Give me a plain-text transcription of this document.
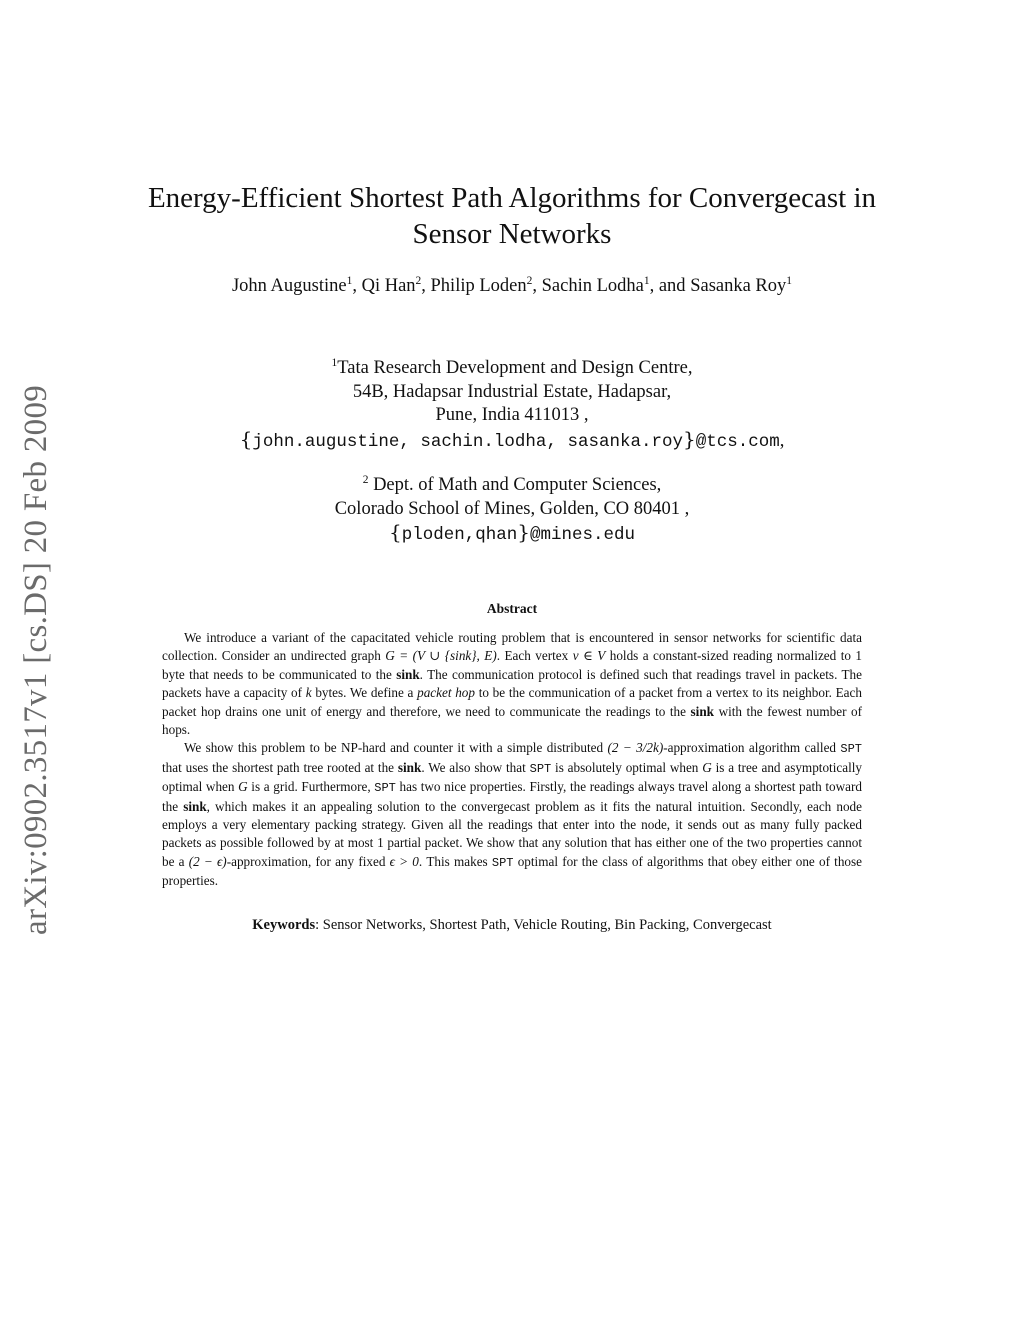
arXiv:0902.3517v1 [cs.DS] 20 Feb 2009
Energy-Efficient Shortest Path Algorithms for Convergecast in
Sensor Networks
John Augustine$^1$, Qi Han$^2$, Philip Loden$^2$, Sachin Lodha$^1$, and Sasanka Roy$^1$
$^1$Tata Research Development and Design Centre,
54B, Hadapsar Industrial Estate, Hadapsar,
Pune, India 411013 ,
{john.augustine, sachin.lodha, sasanka.roy}@tcs.com,
$^2$ Dept. of Math and Computer Sciences,
Colorado School of Mines, Golden, CO 80401 ,
{ploden,qhan}@mines.edu
Abstract

We introduce a variant of the capacitated vehicle routing problem that is encountered in sensor networks for scientific data collection. Consider an undirected graph G = (V ∪ {sink}, E). Each vertex v ∈ V holds a constant-sized reading normalized to 1 byte that needs to be communicated to the sink. The communication protocol is defined such that readings travel in packets. The packets have a capacity of k bytes. We define a packet hop to be the communication of a packet from a vertex to its neighbor. Each packet hop drains one unit of energy and therefore, we need to communicate the readings to the sink with the fewest number of hops.

We show this problem to be NP-hard and counter it with a simple distributed (2 − 3/2k)-approximation algorithm called SPT that uses the shortest path tree rooted at the sink. We also show that SPT is absolutely optimal when G is a tree and asymptotically optimal when G is a grid. Furthermore, SPT has two nice properties. Firstly, the readings always travel along a shortest path toward the sink, which makes it an appealing solution to the convergecast problem as it fits the natural intuition. Secondly, each node employs a very elementary packing strategy. Given all the readings that enter into the node, it sends out as many fully packed packets as possible followed by at most 1 partial packet. We show that any solution that has either one of the two properties cannot be a (2 − ϵ)-approximation, for any fixed ϵ > 0. This makes SPT optimal for the class of algorithms that obey either one of those properties.

Keywords: Sensor Networks, Shortest Path, Vehicle Routing, Bin Packing, Convergecast
